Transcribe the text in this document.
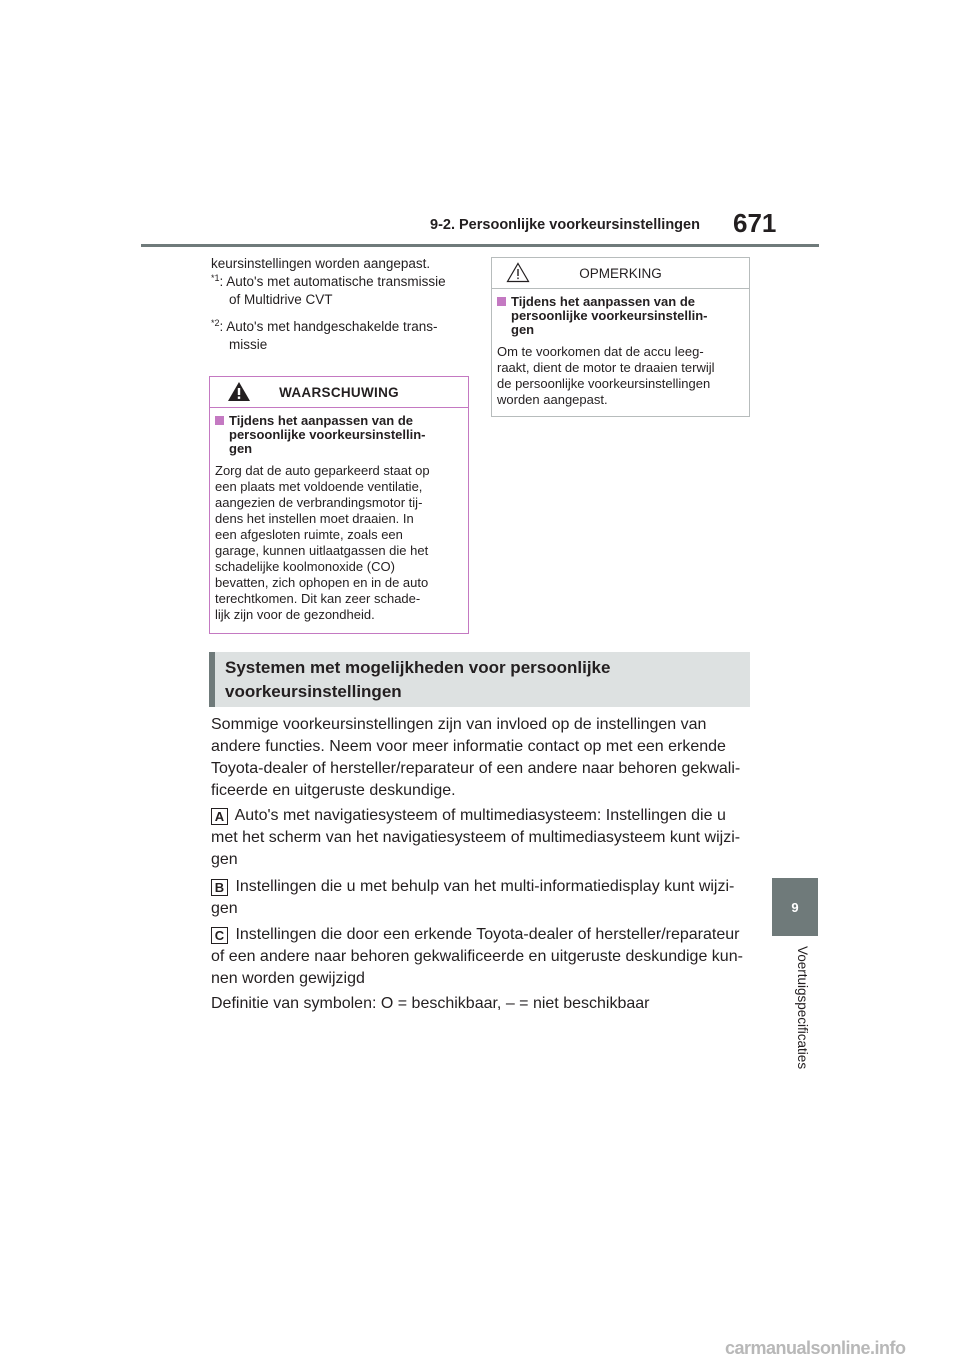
9-2. Persoonlijke voorkeursinstellingen 671
9
Voertuigspecificaties
keursinstellingen worden aangepast.
$^{*1}$: Auto's met automatische transmissie
of Multidrive CVT
$^{*2}$: Auto's met handgeschakelde trans-
missie
WAARSCHUWING
Tijdens het aanpassen van de
persoonlijke voorkeursinstellin-
gen
Zorg dat de auto geparkeerd staat op
een plaats met voldoende ventilatie,
aangezien de verbrandingsmotor tij-
dens het instellen moet draaien. In
een afgesloten ruimte, zoals een
garage, kunnen uitlaatgassen die het
schadelijke koolmonoxide (CO)
bevatten, zich ophopen en in de auto
terechtkomen. Dit kan zeer schade-
lijk zijn voor de gezondheid.
OPMERKING
Tijdens het aanpassen van de
persoonlijke voorkeursinstellin-
gen
Om te voorkomen dat de accu leeg-
raakt, dient de motor te draaien terwijl
de persoonlijke voorkeursinstellingen
worden aangepast.
Systemen met mogelijkheden voor persoonlijke
voorkeursinstellingen
Sommige voorkeursinstellingen zijn van invloed op de instellingen van andere functies. Neem voor meer informatie contact op met een erkende Toyota-dealer of hersteller/reparateur of een andere naar behoren gekwali-ficeerde en uitgeruste deskundige.
A Auto's met navigatiesysteem of multimediasysteem: Instellingen die u met het scherm van het navigatiesysteem of multimediasysteem kunt wijzi-gen
B Instellingen die u met behulp van het multi-informatiedisplay kunt wijzi-gen
C Instellingen die door een erkende Toyota-dealer of hersteller/reparateur of een andere naar behoren gekwalificeerde en uitgeruste deskundige kun-nen worden gewijzigd
Definitie van symbolen: O = beschikbaar, – = niet beschikbaar
carmanualsonline.info
